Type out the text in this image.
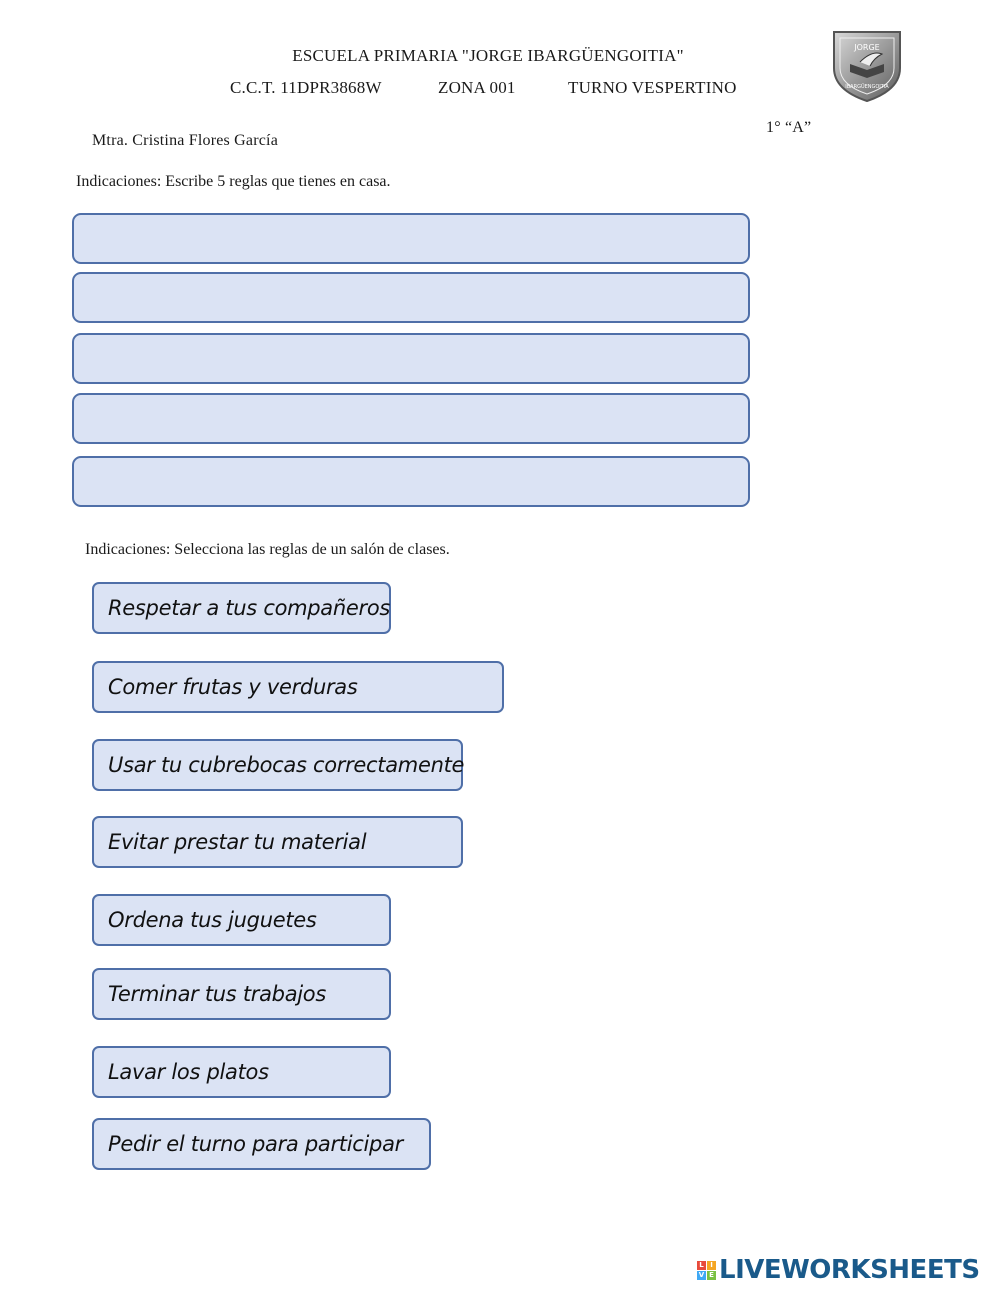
ESCUELA PRIMARIA "JORGE IBARGÜENGOITIA"
C.C.T. 11DPR3868W	ZONA 001	TURNO VESPERTINO
JORGE
IBARGÜENGOITIA
1° “A”
Mtra. Cristina Flores García
Indicaciones: Escribe 5 reglas que tienes en casa.
Indicaciones: Selecciona las reglas de un salón de clases.
Respetar a tus compañeros
Comer frutas y verduras
Usar tu cubrebocas correctamente
Evitar prestar tu material
Ordena tus juguetes
Terminar tus trabajos
Lavar los platos
Pedir el turno para participar
L I
V E LIVEWORKSHEETS
